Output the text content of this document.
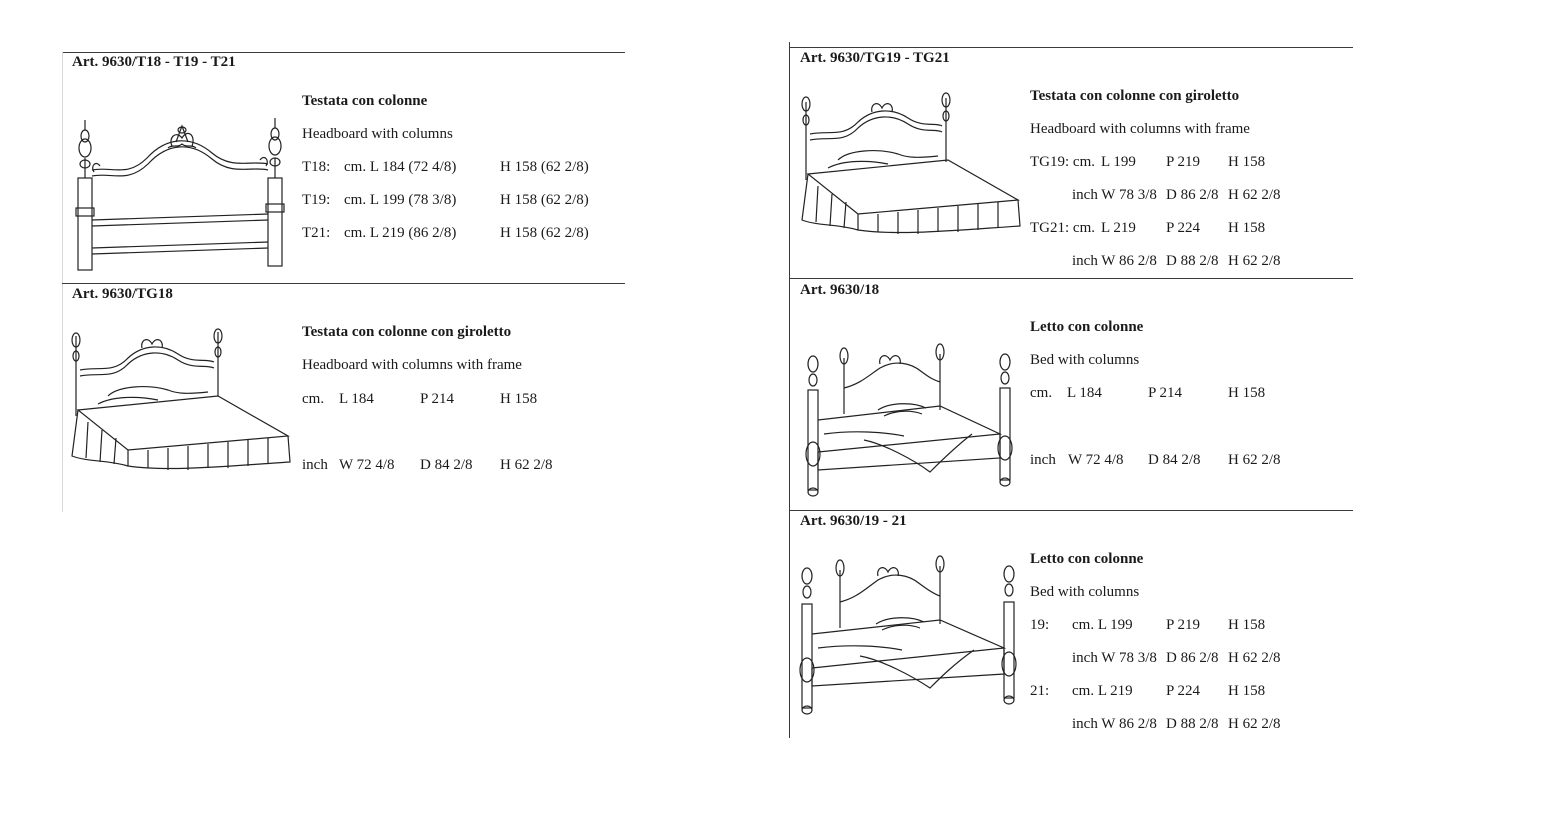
Art. 9630/T18 - T19 - T21
Testata con colonne
Headboard with columns
T18: cm. L 184 (72 4/8)	H 158 (62 2/8)
T19: cm. L 199 (78 3/8)	H 158 (62 2/8)
T21: cm. L 219 (86 2/8)	H 158 (62 2/8)
Art. 9630/TG18
Testata con colonne con giroletto
Headboard with columns with frame
cm. L 184	P 214	H 158
inch W 72 4/8 D 84 2/8 H 62 2/8
Art. 9630/TG19 - TG21
Testata con colonne con giroletto
Headboard with columns with frame
TG19: cm. L 199 P 219 H 158
inch W 78 3/8 D 86 2/8 H 62 2/8
TG21: cm. L 219 P 224 H 158
inch W 86 2/8 D 88 2/8 H 62 2/8
Art. 9630/18
Letto con colonne
Bed with columns
cm. L 184	P 214	H 158
inch W 72 4/8 D 84 2/8 H 62 2/8
Art. 9630/19 - 21
Letto con colonne
Bed with columns
19: cm. L 199 P 219 H 158
inch W 78 3/8 D 86 2/8 H 62 2/8
21: cm. L 219 P 224 H 158
inch W 86 2/8 D 88 2/8 H 62 2/8
